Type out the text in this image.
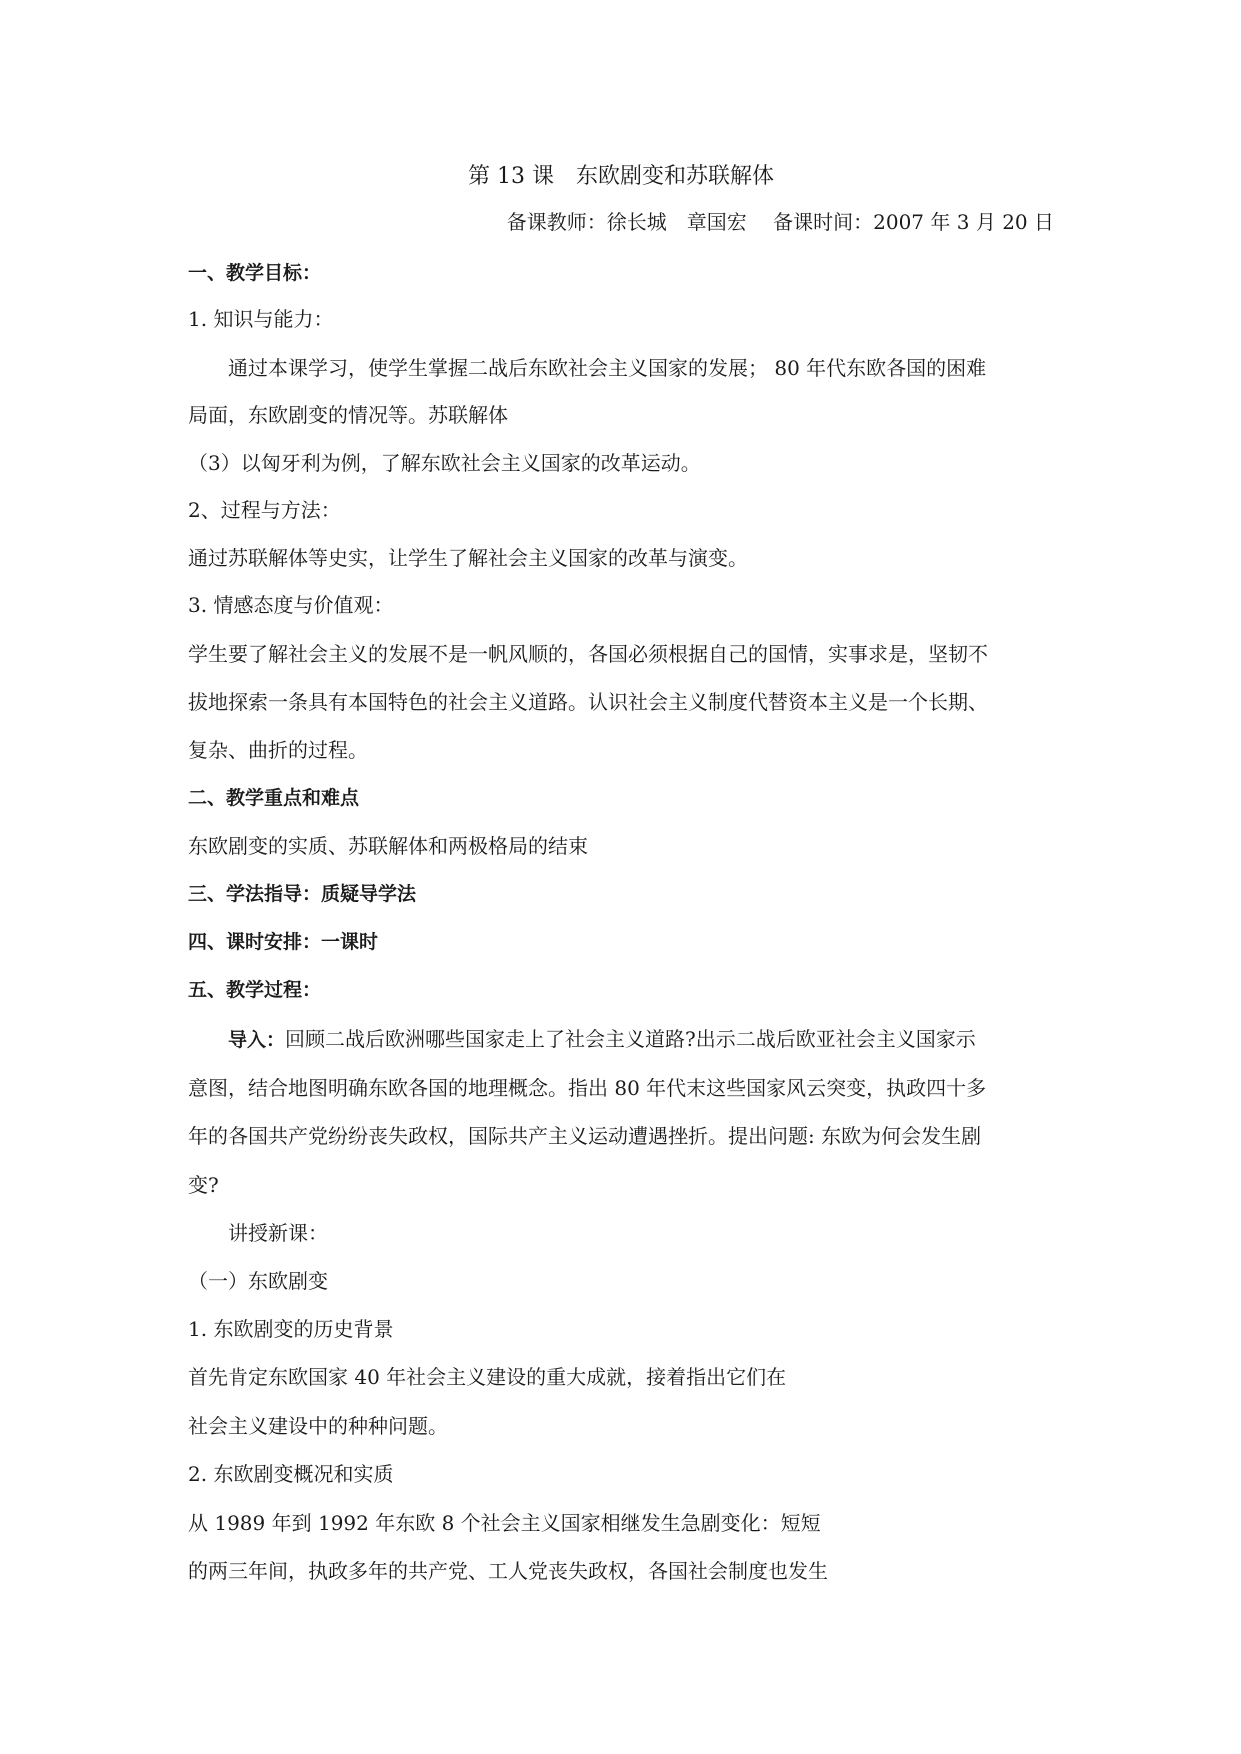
第 13 课　东欧剧变和苏联解体
备课教师：徐长城　章国宏　 备课时间：2007 年 3 月 20 日
一、教学目标：
1. 知识与能力：
通过本课学习，使学生掌握二战后东欧社会主义国家的发展； 80 年代东欧各国的困难
局面，东欧剧变的情况等。苏联解体
（3）以匈牙利为例，了解东欧社会主义国家的改革运动。
2、过程与方法：
通过苏联解体等史实，让学生了解社会主义国家的改革与演变。
3. 情感态度与价值观：
学生要了解社会主义的发展不是一帆风顺的，各国必须根据自己的国情，实事求是，坚韧不
拔地探索一条具有本国特色的社会主义道路。认识社会主义制度代替资本主义是一个长期、
复杂、曲折的过程。
二、教学重点和难点
东欧剧变的实质、苏联解体和两极格局的结束
三、学法指导：质疑导学法
四、课时安排：一课时
五、教学过程：
导入：回顾二战后欧洲哪些国家走上了社会主义道路?出示二战后欧亚社会主义国家示
意图，结合地图明确东欧各国的地理概念。指出 80 年代末这些国家风云突变，执政四十多
年的各国共产党纷纷丧失政权，国际共产主义运动遭遇挫折。提出问题: 东欧为何会发生剧
变?
讲授新课：
（一）东欧剧变
1. 东欧剧变的历史背景
首先肯定东欧国家 40 年社会主义建设的重大成就，接着指出它们在
社会主义建设中的种种问题。
2. 东欧剧变概况和实质
从 1989 年到 1992 年东欧 8 个社会主义国家相继发生急剧变化：短短
的两三年间，执政多年的共产党、工人党丧失政权，各国社会制度也发生
